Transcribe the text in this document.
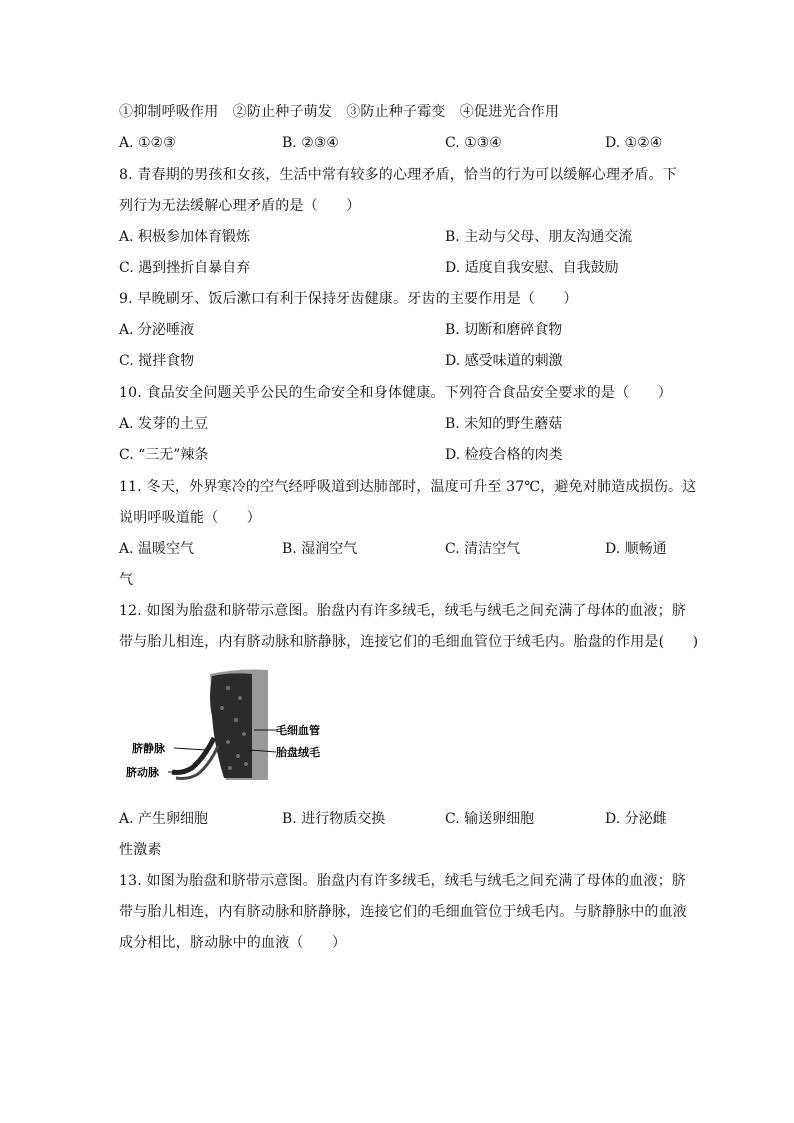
①抑制呼吸作用　②防止种子萌发　③防止种子霉变　④促进光合作用
A. ①②③	B. ②③④	C. ①③④	D. ①②④
8. 青春期的男孩和女孩，生活中常有较多的心理矛盾，恰当的行为可以缓解心理矛盾。下
列行为无法缓解心理矛盾的是（　　）
A. 积极参加体育锻炼	B. 主动与父母、朋友沟通交流
C. 遇到挫折自暴自弃	D. 适度自我安慰、自我鼓励
9. 早晚刷牙、饭后漱口有利于保持牙齿健康。牙齿的主要作用是（　　）
A. 分泌唾液	B. 切断和磨碎食物
C. 搅拌食物	D. 感受味道的刺激
10. 食品安全问题关乎公民的生命安全和身体健康。下列符合食品安全要求的是（　　）
A. 发芽的土豆	B. 未知的野生蘑菇
C. “三无”辣条	D. 检疫合格的肉类
11. 冬天，外界寒冷的空气经呼吸道到达肺部时，温度可升至 37℃，避免对肺造成损伤。这
说明呼吸道能（　　）
A. 温暖空气	B. 湿润空气	C. 清洁空气	D. 顺畅通
气
12. 如图为胎盘和脐带示意图。胎盘内有许多绒毛，绒毛与绒毛之间充满了母体的血液；脐
带与胎儿相连，内有脐动脉和脐静脉，连接它们的毛细血管位于绒毛内。胎盘的作用是(　　)
毛细血管
胎盘绒毛
脐静脉
脐动脉
A. 产生卵细胞	B. 进行物质交换	C. 输送卵细胞	D. 分泌雌
性激素
13. 如图为胎盘和脐带示意图。胎盘内有许多绒毛，绒毛与绒毛之间充满了母体的血液；脐
带与胎儿相连，内有脐动脉和脐静脉，连接它们的毛细血管位于绒毛内。与脐静脉中的血液
成分相比，脐动脉中的血液（　　）
